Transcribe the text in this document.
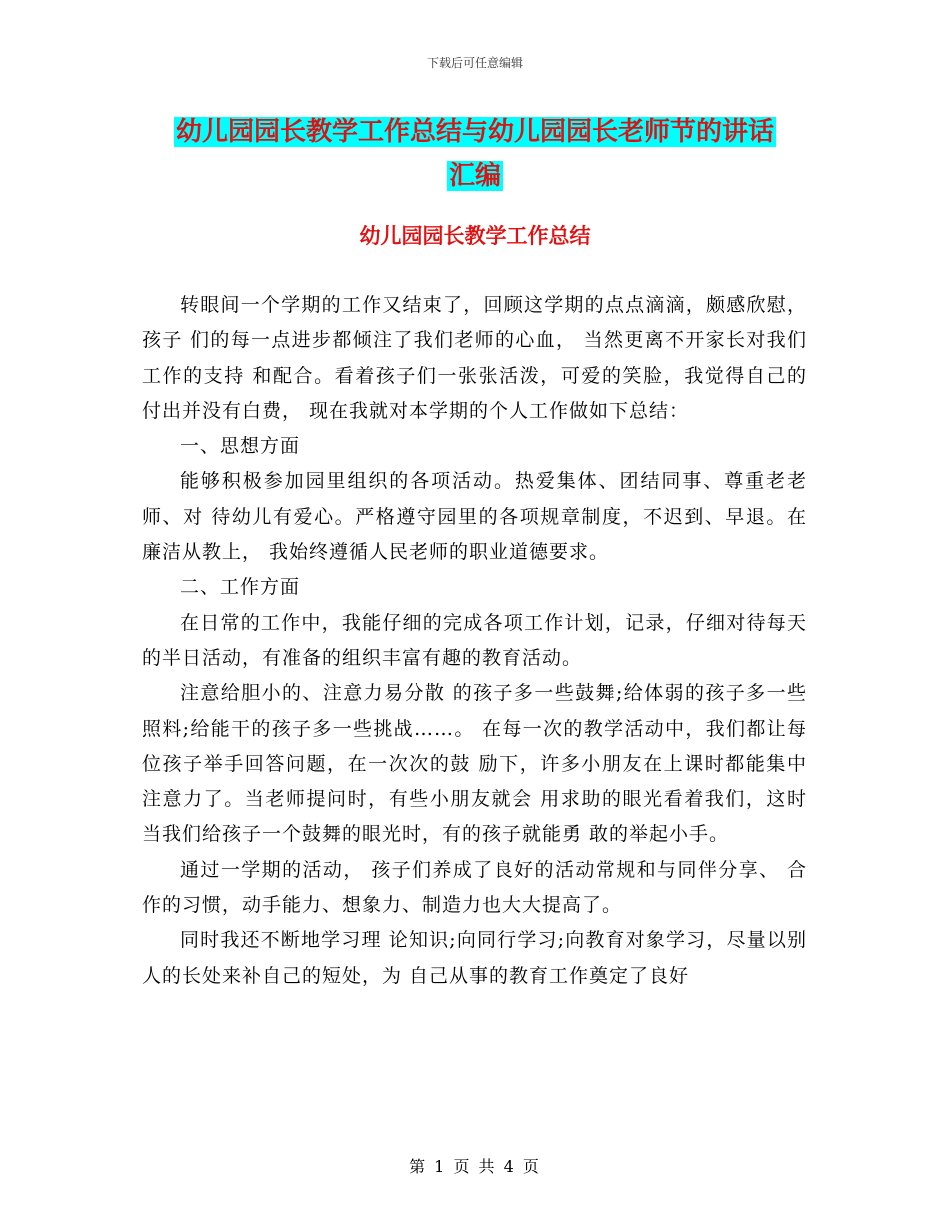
下载后可任意编辑
幼儿园园长教学工作总结与幼儿园园长老师节的讲话
汇编
幼儿园园长教学工作总结

转眼间一个学期的工作又结束了，回顾这学期的点点滴滴，颇感欣慰，孩子 们的每一点进步都倾注了我们老师的心血， 当然更离不开家长对我们工作的支持 和配合。看着孩子们一张张活泼，可爱的笑脸，我觉得自己的付出并没有白费， 现在我就对本学期的个人工作做如下总结：

一、思想方面

能够积极参加园里组织的各项活动。热爱集体、团结同事、尊重老老师、对 待幼儿有爱心。严格遵守园里的各项规章制度，不迟到、早退。在廉洁从教上， 我始终遵循人民老师的职业道德要求。

二、工作方面

在日常的工作中，我能仔细的完成各项工作计划，记录，仔细对待每天 的半日活动，有准备的组织丰富有趣的教育活动。

注意给胆小的、注意力易分散 的孩子多一些鼓舞;给体弱的孩子多一些照料;给能干的孩子多一些挑战……。 在每一次的教学活动中，我们都让每位孩子举手回答问题，在一次次的鼓 励下，许多小朋友在上课时都能集中注意力了。当老师提问时，有些小朋友就会 用求助的眼光看着我们，这时当我们给孩子一个鼓舞的眼光时，有的孩子就能勇 敢的举起小手。

通过一学期的活动， 孩子们养成了良好的活动常规和与同伴分享、 合作的习惯，动手能力、想象力、制造力也大大提高了。

同时我还不断地学习理 论知识;向同行学习;向教育对象学习，尽量以别人的长处来补自己的短处，为 自己从事的教育工作奠定了良好

第 1 页 共 4 页
